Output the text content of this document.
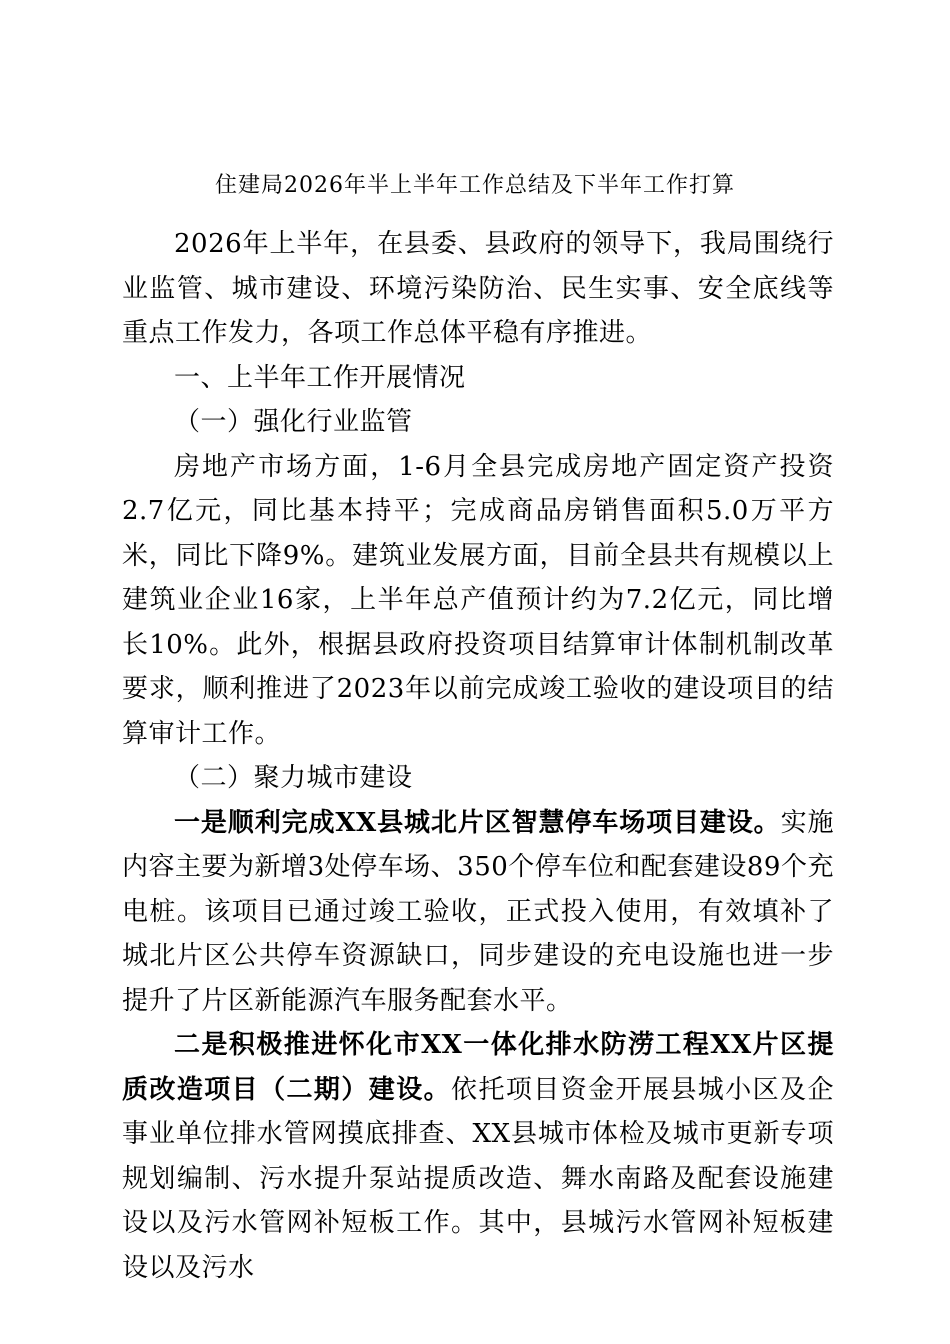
住建局2026年半上半年工作总结及下半年工作打算

2026年上半年，在县委、县政府的领导下，我局围绕行业监管、城市建设、环境污染防治、民生实事、安全底线等重点工作发力，各项工作总体平稳有序推进。

一、上半年工作开展情况

（一）强化行业监管

房地产市场方面，1-6月全县完成房地产固定资产投资2.7亿元，同比基本持平；完成商品房销售面积5.0万平方米，同比下降9%。建筑业发展方面，目前全县共有规模以上建筑业企业16家，上半年总产值预计约为7.2亿元，同比增长10%。此外，根据县政府投资项目结算审计体制机制改革要求，顺利推进了2023年以前完成竣工验收的建设项目的结算审计工作。

（二）聚力城市建设

一是顺利完成XX县城北片区智慧停车场项目建设。实施内容主要为新增3处停车场、350个停车位和配套建设89个充电桩。该项目已通过竣工验收，正式投入使用，有效填补了城北片区公共停车资源缺口，同步建设的充电设施也进一步提升了片区新能源汽车服务配套水平。

二是积极推进怀化市XX一体化排水防涝工程XX片区提质改造项目（二期）建设。依托项目资金开展县城小区及企事业单位排水管网摸底排查、XX县城市体检及城市更新专项规划编制、污水提升泵站提质改造、舞水南路及配套设施建设以及污水管网补短板工作。其中，县城污水管网补短板建设以及污水
